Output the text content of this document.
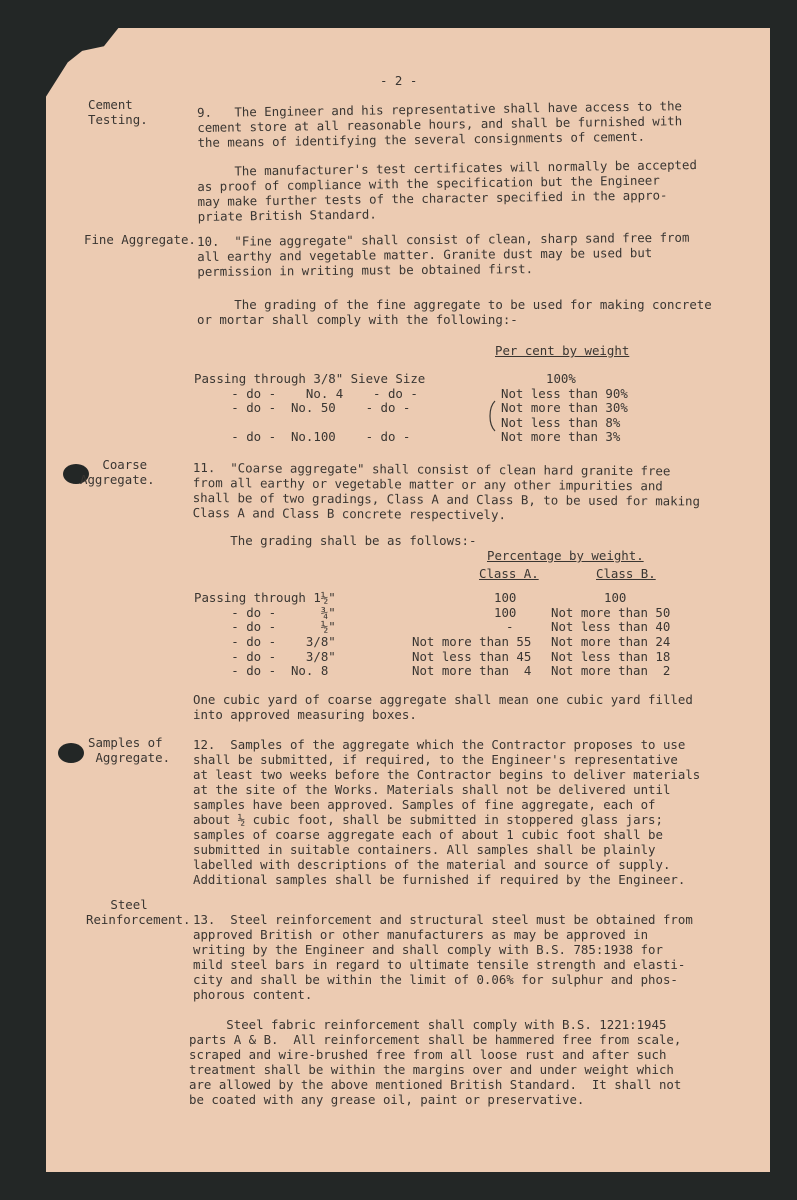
- 2 -
Cement
Testing.
Fine Aggregate.
Coarse
Aggregate.
Samples of
Aggregate.
Steel
Reinforcement.
9.   The Engineer and his representative shall have access to the
cement store at all reasonable hours, and shall be furnished with
the means of identifying the several consignments of cement.
The manufacturer's test certificates will normally be accepted
as proof of compliance with the specification but the Engineer
may make further tests of the character specified in the appro-
priate British Standard.
10.  "Fine aggregate" shall consist of clean, sharp sand free from
all earthy and vegetable matter. Granite dust may be used but
permission in writing must be obtained first.
The grading of the fine aggregate to be used for making concrete
or mortar shall comply with the following:-
Per cent by weight
Passing through 3/8" Sieve Size
- do -    No. 4    - do -
- do -  No. 50    - do -
- do -  No.100    - do -
100%
Not less than 90%
Not more than 30%
Not less than 8%
Not more than 3%
11.  "Coarse aggregate" shall consist of clean hard granite free
from all earthy or vegetable matter or any other impurities and
shall be of two gradings, Class A and Class B, to be used for making
Class A and Class B concrete respectively.
The grading shall be as follows:-
Percentage by weight.
Class A.	Class B.
Passing through 1½"
- do -      ¾"
- do -      ½"
- do -    3/8"
- do -    3/8"
- do -  No. 8
100
100
-
Not more than 55
Not less than 45
Not more than  4
100
Not more than 50
Not less than 40
Not more than 24
Not less than 18
Not more than  2
One cubic yard of coarse aggregate shall mean one cubic yard filled
into approved measuring boxes.
12.  Samples of the aggregate which the Contractor proposes to use
shall be submitted, if required, to the Engineer's representative
at least two weeks before the Contractor begins to deliver materials
at the site of the Works. Materials shall not be delivered until
samples have been approved. Samples of fine aggregate, each of
about ½ cubic foot, shall be submitted in stoppered glass jars;
samples of coarse aggregate each of about 1 cubic foot shall be
submitted in suitable containers. All samples shall be plainly
labelled with descriptions of the material and source of supply.
Additional samples shall be furnished if required by the Engineer.
13.  Steel reinforcement and structural steel must be obtained from
approved British or other manufacturers as may be approved in
writing by the Engineer and shall comply with B.S. 785:1938 for
mild steel bars in regard to ultimate tensile strength and elasti-
city and shall be within the limit of 0.06% for sulphur and phos-
phorous content.
Steel fabric reinforcement shall comply with B.S. 1221:1945
parts A & B.  All reinforcement shall be hammered free from scale,
scraped and wire-brushed free from all loose rust and after such
treatment shall be within the margins over and under weight which
are allowed by the above mentioned British Standard.  It shall not
be coated with any grease oil, paint or preservative.
